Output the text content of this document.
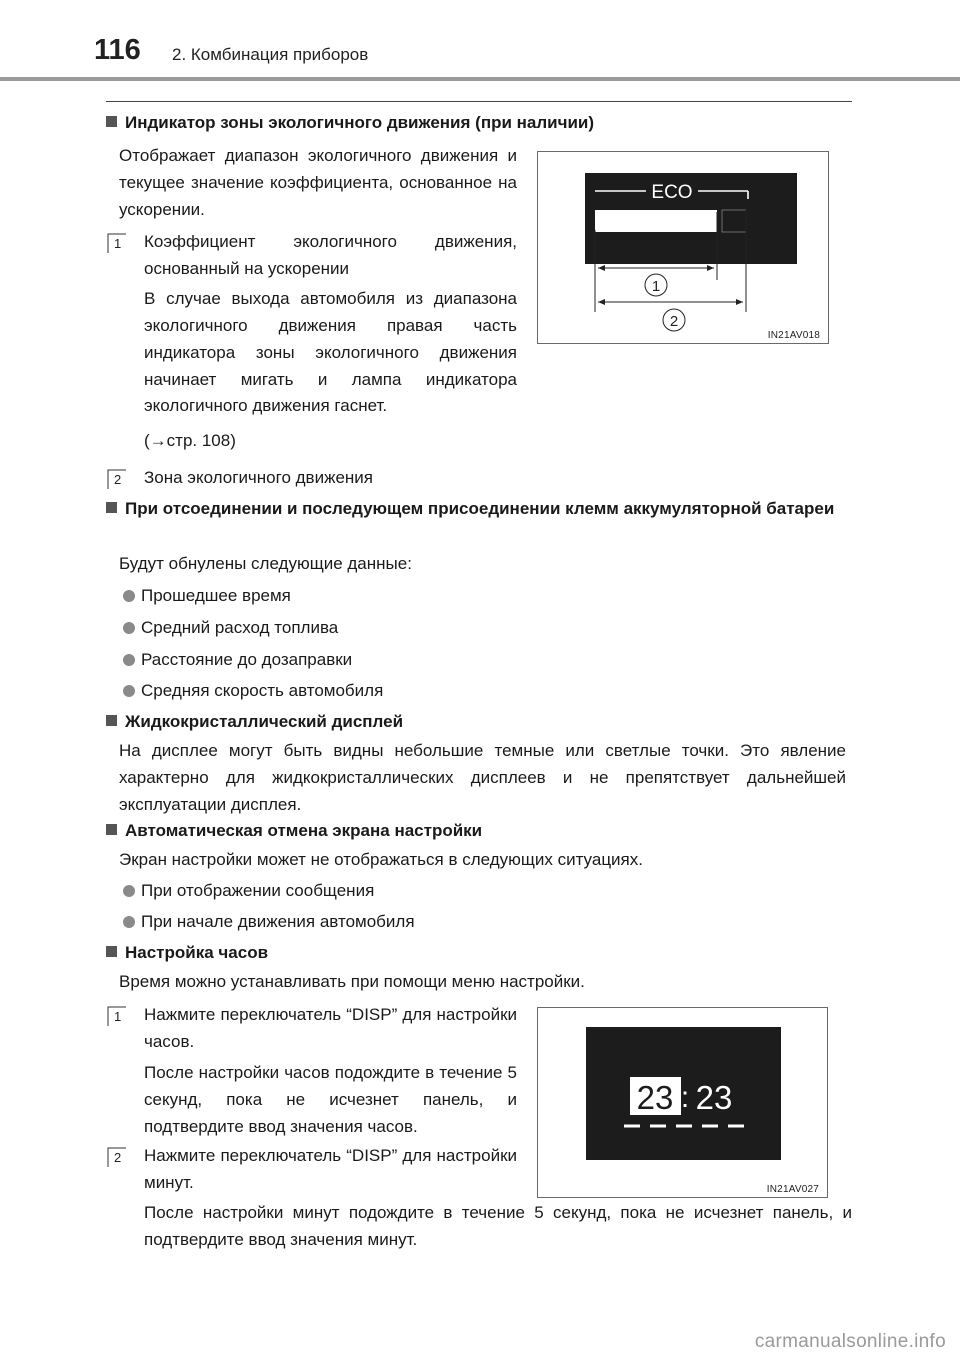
116 2. Комбинация приборов
Индикатор зоны экологичного движения (при наличии)
Отображает диапазон экологичного движения и текущее значение коэффициента, основанное на ускорении.
1 Коэффициент экологичного движения, основанный на ускорении
В случае выхода автомобиля из диапазона экологичного движения правая часть индикатора зоны экологичного движения начинает мигать и лампа индикатора экологичного движения гаснет.
(→стр. 108)
2 Зона экологичного движения
ECO
1
2
IN21AV018
При отсоединении и последующем присоединении клемм аккумуляторной батареи
Будут обнулены следующие данные:
Прошедшее время
Средний расход топлива
Расстояние до дозаправки
Средняя скорость автомобиля
Жидкокристаллический дисплей
На дисплее могут быть видны небольшие темные или светлые точки. Это явление характерно для жидкокристаллических дисплеев и не препятствует дальнейшей эксплуатации дисплея.
Автоматическая отмена экрана настройки
Экран настройки может не отображаться в следующих ситуациях.
При отображении сообщения
При начале движения автомобиля
Настройка часов
Время можно устанавливать при помощи меню настройки.
1 Нажмите переключатель “DISP” для настройки часов.
После настройки часов подождите в течение 5 секунд, пока не исчезнет панель, и подтвердите ввод значения часов.
2 Нажмите переключатель “DISP” для настройки минут.
После настройки минут подождите в течение 5 секунд, пока не исчезнет панель, и подтвердите ввод значения минут.
23 : 23
IN21AV027
carmanualsonline.info
